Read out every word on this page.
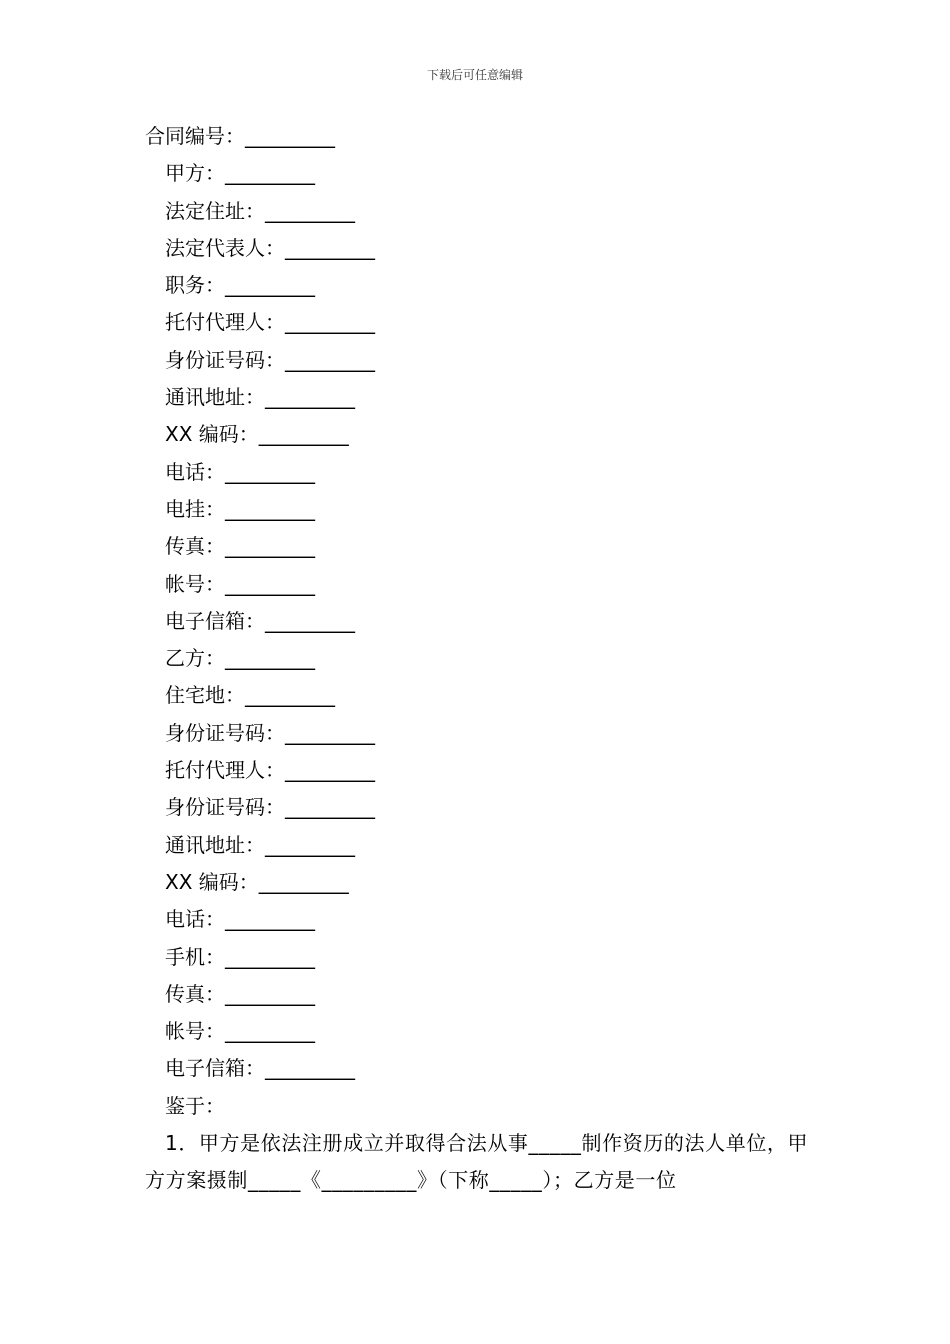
下载后可任意编辑
合同编号：_________
甲方：_________
法定住址：_________
法定代表人：_________
职务：_________
托付代理人：_________
身份证号码：_________
通讯地址：_________
XX 编码：_________
电话：_________
电挂：_________
传真：_________
帐号：_________
电子信箱：_________
乙方：_________
住宅地：_________
身份证号码：_________
托付代理人：_________
身份证号码：_________
通讯地址：_________
XX 编码：_________
电话：_________
手机：_________
传真：_________
帐号：_________
电子信箱：_________
鉴于：
1．甲方是依法注册成立并取得合法从事_____制作资历的法人单位，甲方方案摄制_____《_________》（下称_____）；乙方是一位
